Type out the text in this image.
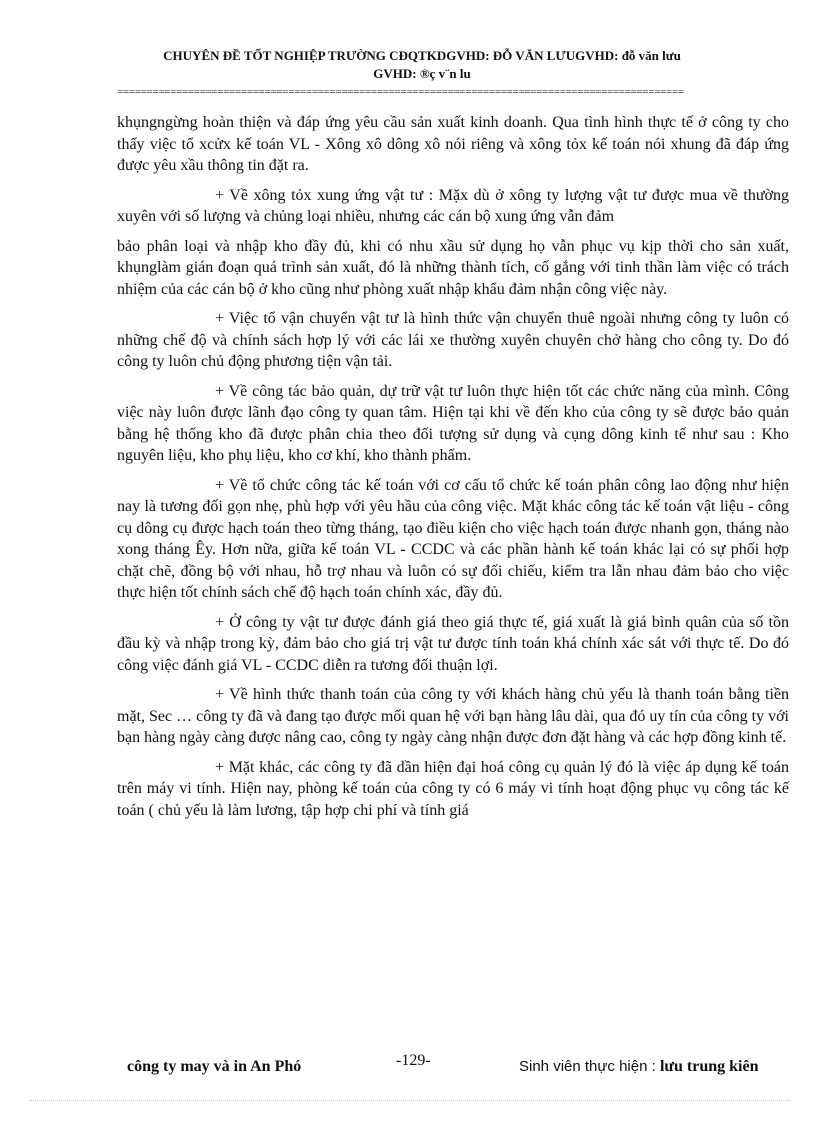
CHUYÊN ĐỀ TỐT NGHIỆP TRƯỜNG CĐQTKDGVHD: ĐỖ VĂN LƯUGVHD: đỗ văn lưu
GVHD: ®ç v¨n lu
================================================================================================

khụngngừng hoàn thiện và đáp ứng yêu cầu sản xuất kinh doanh. Qua tình hình thực tế ở công ty cho thấy việc tổ xcửx kế toán VL - Xông xô dông xô nói riêng và xông tỏx kế toán nói xhung đã đáp ứng được yêu xầu thông tin đặt ra.

+ Về xông tỏx xung ứng vật tư : Mặx dù ở xông ty lượng vật tư được mua về thường xuyên với số lượng và chủng loại nhiều, nhưng các cán bộ xung ứng vẫn đảm

bảo phân loại và nhập kho đầy đủ, khi có nhu xầu sử dụng họ vẫn phục vụ kịp thời cho sản xuất, khụnglàm gián đoạn quá trình sản xuất, đó là những thành tích, cố gắng với tinh thần làm việc có trách nhiệm của các cán bộ ở kho cũng như phòng xuất nhập khẩu đảm nhận công việc này.

+ Việc tổ vận chuyển vật tư là hình thức vận chuyển thuê ngoài nhưng công ty luôn có những chế độ và chính sách hợp lý với các lái xe thường xuyên chuyên chở hàng cho công ty. Do đó công ty luôn chủ động phương tiện vận tải.

+ Về công tác bảo quản, dự trữ vật tư luôn thực hiện tốt các chức năng của mình. Công việc này luôn được lãnh đạo công ty quan tâm. Hiện tại khi về đến kho của công ty sẽ được bảo quản bằng hệ thống kho đã được phân chia theo đối tượng sử dụng và cụng dông kinh tế như sau : Kho nguyên liệu, kho phụ liệu, kho cơ khí, kho thành phẩm.

+ Về tổ chức công tác kế toán với cơ cấu tổ chức kế toán phân công lao động như hiện nay là tương đối gọn nhẹ, phù hợp với yêu hầu của công việc. Mặt khác công tác kế toán vật liệu - công cụ dông cụ được hạch toán theo từng tháng, tạo điều kiện cho việc hạch toán được nhanh gọn, tháng nào xong tháng Êy. Hơn nữa, giữa kế toán VL - CCDC và các phần hành kế toán khác lại có sự phối hợp chặt chẽ, đồng bộ với nhau, hỗ trợ nhau và luôn có sự đối chiếu, kiểm tra lẫn nhau đảm bảo cho việc thực hiện tốt chính sách chế độ hạch toán chính xác, đầy đủ.

+ Ở công ty vật tư được đánh giá theo giá thực tế, giá xuất là giá bình quân của số tồn đầu kỳ và nhập trong kỳ, đảm bảo cho giá trị vật tư được tính toán khá chính xác sát với thực tế. Do đó công việc đánh giá VL - CCDC diễn ra tương đối thuận lợi.

+ Về hình thức thanh toán của công ty với khách hàng chủ yếu là thanh toán bằng tiền mặt, Sec … công ty đã và đang tạo được mối quan hệ với bạn hàng lâu dài, qua đó uy tín của công ty với bạn hàng ngày càng được nâng cao, công ty ngày càng nhận được đơn đặt hàng và các hợp đồng kinh tế.

+ Mặt khác, các công ty đã dần hiện đại hoá công cụ quản lý đó là việc áp dụng kế toán trên máy vi tính. Hiện nay, phòng kế toán của công ty có 6 máy vi tính hoạt động phục vụ công tác kế toán ( chủ yếu là làm lương, tập hợp chi phí và tính giá

công ty may và in An Phó	-129-	Sinh viên thực hiện : lưu trung kiên
